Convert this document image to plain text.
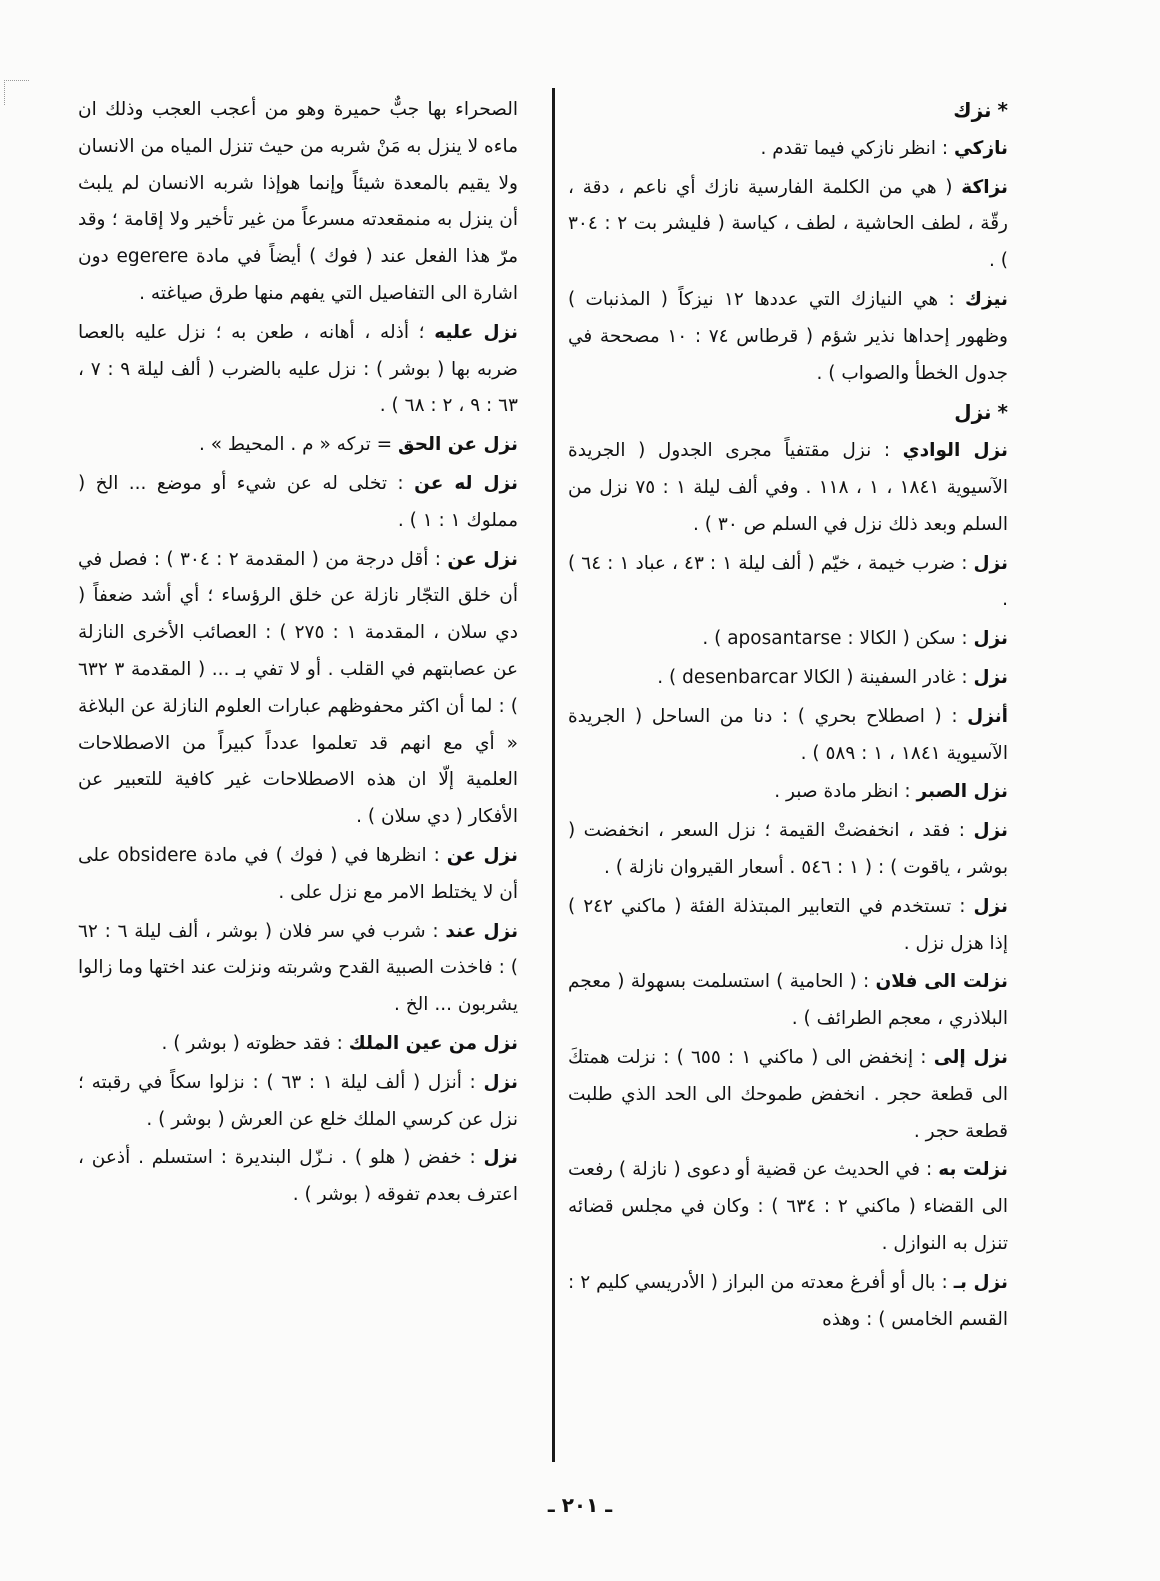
*نزك

نازكي : انظر نازكي فيما تقدم .

نزاكة ( هي من الكلمة الفارسية نازك أي ناعم ، دقة ، رقّة ، لطف الحاشية ، لطف ، كياسة ( فليشر بت ٢ : ٣٠٤ ) .

نيزك : هي النيازك التي عددها ١٢ نيزكاً ( المذنبات ) وظهور إحداها نذير شؤم ( قرطاس ٧٤ : ١٠ مصححة في جدول الخطأ والصواب ) .

*نزل

نزل الوادي : نزل مقتفياً مجرى الجدول ( الجريدة الآسيوية ١٨٤١ ، ١ ، ١١٨ . وفي ألف ليلة ١ : ٧٥ نزل من السلم وبعد ذلك نزل في السلم ص ٣٠ ) .

نزل : ضرب خيمة ، خيّم ( ألف ليلة ١ : ٤٣ ، عباد ١ : ٦٤ ) .

نزل : سكن ( الكالا : aposantarse ) .

نزل : غادر السفينة ( الكالا desenbarcar ) .

أنزل : ( اصطلاح بحري ) : دنا من الساحل ( الجريدة الآسيوية ١٨٤١ ، ١ : ٥٨٩ ) .

نزل الصبر : انظر مادة صبر .

نزل : فقد ، انخفضتْ القيمة ؛ نزل السعر ، انخفضت ( بوشر ، ياقوت ) : ( ١ : ٥٤٦ . أسعار القيروان نازلة ) .

نزل : تستخدم في التعابير المبتذلة الفئة ( ماكني ٢٤٢ ) إذا هزل نزل .

نزلت الى فلان : ( الحامية ) استسلمت بسهولة ( معجم البلاذري ، معجم الطرائف ) .

نزل إلى : إنخفض الى ( ماكني ١ : ٦٥٥ ) : نزلت همتكَ الى قطعة حجر . انخفض طموحك الى الحد الذي طلبت قطعة حجر .

نزلت به : في الحديث عن قضية أو دعوى ( نازلة ) رفعت الى القضاء ( ماكني ٢ : ٦٣٤ ) : وكان في مجلس قضائه تنزل به النوازل .

نزل بـ : بال أو أفرغ معدته من البراز ( الأدريسي كليم ٢ : القسم الخامس ) : وهذه

الصحراء بها جبٌّ حميرة وهو من أعجب العجب وذلك ان ماءه لا ينزل به مَنْ شربه من حيث تنزل المياه من الانسان ولا يقيم بالمعدة شيئاً وإنما هوإذا شربه الانسان لم يلبث أن ينزل به منمقعدته مسرعاً من غير تأخير ولا إقامة ؛ وقد مرّ هذا الفعل عند ( فوك ) أيضاً في مادة egerere دون اشارة الى التفاصيل التي يفهم منها طرق صياغته .

نزل عليه ؛ أذله ، أهانه ، طعن به ؛ نزل عليه بالعصا ضربه بها ( بوشر ) : نزل عليه بالضرب ( ألف ليلة ٩ : ٧ ، ٦٣ : ٩ ، ٢ : ٦٨ ) .

نزل عن الحق = تركه « م . المحيط » .

نزل له عن : تخلى له عن شيء أو موضع ... الخ ( مملوك ١ : ١ ) .

نزل عن : أقل درجة من ( المقدمة ٢ : ٣٠٤ ) : فصل في أن خلق التجّار نازلة عن خلق الرؤساء ؛ أي أشد ضعفاً ( دي سلان ، المقدمة ١ : ٢٧٥ ) : العصائب الأخرى النازلة عن عصابتهم في القلب . أو لا تفي بـ ... ( المقدمة ٣ ٦٣٢ ) : لما أن اكثر محفوظهم عبارات العلوم النازلة عن البلاغة « أي مع انهم قد تعلموا عدداً كبيراً من الاصطلاحات العلمية إلّا ان هذه الاصطلاحات غير كافية للتعبير عن الأفكار ( دي سلان ) .

نزل عن : انظرها في ( فوك ) في مادة obsidere على أن لا يختلط الامر مع نزل على .

نزل عند : شرب في سر فلان ( بوشر ، ألف ليلة ٦ : ٦٢ ) : فاخذت الصبية القدح وشربته ونزلت عند اختها وما زالوا يشربون ... الخ .

نزل من عين الملك : فقد حظوته ( بوشر ) .

نزل : أنزل ( ألف ليلة ١ : ٦٣ ) : نزلوا سكاً في رقبته ؛ نزل عن كرسي الملك خلع عن العرش ( بوشر ) .

نزل : خفض ( هلو ) . نـزّل البنديرة : استسلم . أذعن ، اعترف بعدم تفوقه ( بوشر ) .

ـ ٢٠١ ـ
